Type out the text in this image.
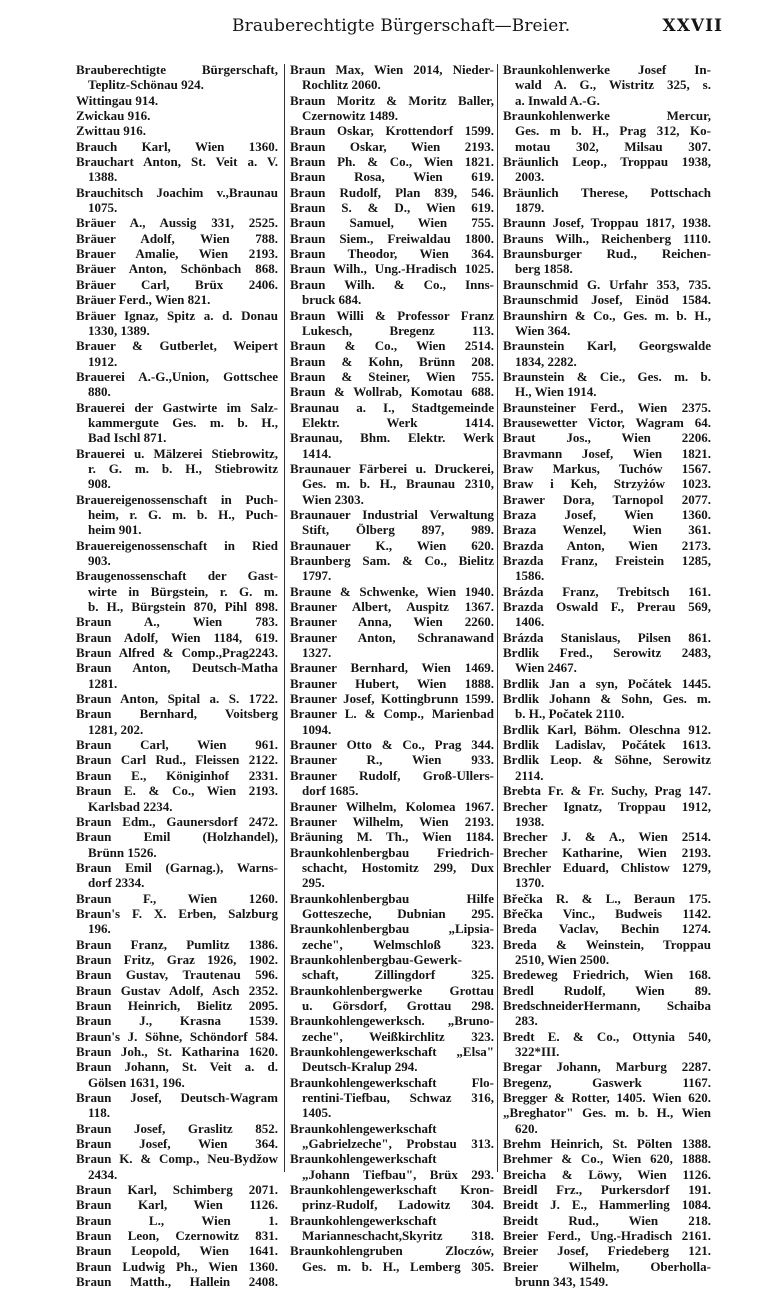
Brauberechtigte Bürgerschaft—Breier.	XXVII
Brauberechtigte Bürgerschaft,
Teplitz-Schönau 924.
Wittingau 914.
Zwickau 916.
Zwittau 916.
Brauch Karl, Wien 1360.
Brauchart Anton, St. Veit a. V.
1388.
Brauchitsch Joachim v.,Braunau
1075.
Bräuer A., Aussig 331, 2525.
Bräuer Adolf, Wien 788.
Brauer Amalie, Wien 2193.
Bräuer Anton, Schönbach 868.
Bräuer Carl, Brüx 2406.
Bräuer Ferd., Wien 821.
Bräuer Ignaz, Spitz a. d. Donau
1330, 1389.
Brauer & Gutberlet, Weipert
1912.
Brauerei A.-G.,Union, Gottschee
880.
Brauerei der Gastwirte im Salz-
kammergute Ges. m. b. H.,
Bad Ischl 871.
Brauerei u. Mälzerei Stiebrowitz,
r. G. m. b. H., Stiebrowitz
908.
Brauereigenossenschaft in Puch-
heim, r. G. m. b. H., Puch-
heim 901.
Brauereigenossenschaft in Ried
903.
Braugenossenschaft der Gast-
wirte in Bürgstein, r. G. m.
b. H., Bürgstein 870, Pihl 898.
Braun A., Wien 783.
Braun Adolf, Wien 1184, 619.
Braun Alfred & Comp.,Prag2243.
Braun Anton, Deutsch-Matha
1281.
Braun Anton, Spital a. S. 1722.
Braun Bernhard, Voitsberg
1281, 202.
Braun Carl, Wien 961.
Braun Carl Rud., Fleissen 2122.
Braun E., Königinhof 2331.
Braun E. & Co., Wien 2193.
Karlsbad 2234.
Braun Edm., Gaunersdorf 2472.
Braun Emil (Holzhandel),
Brünn 1526.
Braun Emil (Garnag.), Warns-
dorf 2334.
Braun F., Wien 1260.
Braun's F. X. Erben, Salzburg
196.
Braun Franz, Pumlitz 1386.
Braun Fritz, Graz 1926, 1902.
Braun Gustav, Trautenau 596.
Braun Gustav Adolf, Asch 2352.
Braun Heinrich, Bielitz 2095.
Braun J., Krasna 1539.
Braun's J. Söhne, Schöndorf 584.
Braun Joh., St. Katharina 1620.
Braun Johann, St. Veit a. d.
Gölsen 1631, 196.
Braun Josef, Deutsch-Wagram
118.
Braun Josef, Graslitz 852.
Braun Josef, Wien 364.
Braun K. & Comp., Neu-Bydžow
2434.
Braun Karl, Schimberg 2071.
Braun Karl, Wien 1126.
Braun L., Wien 1.
Braun Leon, Czernowitz 831.
Braun Leopold, Wien 1641.
Braun Ludwig Ph., Wien 1360.
Braun Matth., Hallein 2408.
Braun Max, Wien 2014, Nieder-
Rochlitz 2060.
Braun Moritz & Moritz Baller,
Czernowitz 1489.
Braun Oskar, Krottendorf 1599.
Braun Oskar, Wien 2193.
Braun Ph. & Co., Wien 1821.
Braun Rosa, Wien 619.
Braun Rudolf, Plan 839, 546.
Braun S. & D., Wien 619.
Braun Samuel, Wien 755.
Braun Siem., Freiwaldau 1800.
Braun Theodor, Wien 364.
Braun Wilh., Ung.-Hradisch 1025.
Braun Wilh. & Co., Inns-
bruck 684.
Braun Willi & Professor Franz
Lukesch, Bregenz 113.
Braun & Co., Wien 2514.
Braun & Kohn, Brünn 208.
Braun & Steiner, Wien 755.
Braun & Wollrab, Komotau 688.
Braunau a. I., Stadtgemeinde
Elektr. Werk 1414.
Braunau, Bhm. Elektr. Werk
1414.
Braunauer Färberei u. Druckerei,
Ges. m. b. H., Braunau 2310,
Wien 2303.
Braunauer Industrial Verwaltung
Stift, Ölberg 897, 989.
Braunauer K., Wien 620.
Braunberg Sam. & Co., Bielitz
1797.
Braune & Schwenke, Wien 1940.
Brauner Albert, Auspitz 1367.
Brauner Anna, Wien 2260.
Brauner Anton, Schranawand
1327.
Brauner Bernhard, Wien 1469.
Brauner Hubert, Wien 1888.
Brauner Josef, Kottingbrunn 1599.
Brauner L. & Comp., Marienbad
1094.
Brauner Otto & Co., Prag 344.
Brauner R., Wien 933.
Brauner Rudolf, Groß-Ullers-
dorf 1685.
Brauner Wilhelm, Kolomea 1967.
Brauner Wilhelm, Wien 2193.
Bräuning M. Th., Wien 1184.
Braunkohlenbergbau Friedrich-
schacht, Hostomitz 299, Dux
295.
Braunkohlenbergbau Hilfe
Gotteszeche, Dubnian 295.
Braunkohlenbergbau „Lipsia-
zeche", Welmschloß 323.
Braunkohlenbergbau-Gewerk-
schaft, Zillingdorf 325.
Braunkohlenbergwerke Grottau
u. Görsdorf, Grottau 298.
Braunkohlengewerksch. „Bruno-
zeche", Weißkirchlitz 323.
Braunkohlengewerkschaft „Elsa"
Deutsch-Kralup 294.
Braunkohlengewerkschaft Flo-
rentini-Tiefbau, Schwaz 316,
1405.
Braunkohlengewerkschaft
„Gabrielzeche", Probstau 313.
Braunkohlengewerkschaft
„Johann Tiefbau", Brüx 293.
Braunkohlengewerkschaft Kron-
prinz-Rudolf, Ladowitz 304.
Braunkohlengewerkschaft
Marianneschacht,Skyritz 318.
Braunkohlengruben Zloczów,
Ges. m. b. H., Lemberg 305.
Braunkohlenwerke Josef In-
wald A. G., Wistritz 325, s.
a. Inwald A.-G.
Braunkohlenwerke Mercur,
Ges. m b. H., Prag 312, Ko-
motau 302, Milsau 307.
Bräunlich Leop., Troppau 1938,
2003.
Bräunlich Therese, Pottschach
1879.
Braunn Josef, Troppau 1817, 1938.
Brauns Wilh., Reichenberg 1110.
Braunsburger Rud., Reichen-
berg 1858.
Braunschmid G. Urfahr 353, 735.
Braunschmid Josef, Einöd 1584.
Braunshirn & Co., Ges. m. b. H.,
Wien 364.
Braunstein Karl, Georgswalde
1834, 2282.
Braunstein & Cie., Ges. m. b.
H., Wien 1914.
Braunsteiner Ferd., Wien 2375.
Brausewetter Victor, Wagram 64.
Braut Jos., Wien 2206.
Bravmann Josef, Wien 1821.
Braw Markus, Tuchów 1567.
Braw i Keh, Strzyżów 1023.
Brawer Dora, Tarnopol 2077.
Braza Josef, Wien 1360.
Braza Wenzel, Wien 361.
Brazda Anton, Wien 2173.
Brazda Franz, Freistein 1285,
1586.
Brázda Franz, Trebitsch 161.
Brazda Oswald F., Prerau 569,
1406.
Brázda Stanislaus, Pilsen 861.
Brdlik Fred., Serowitz 2483,
Wien 2467.
Brdlik Jan a syn, Počátek 1445.
Brdlik Johann & Sohn, Ges. m.
b. H., Počatek 2110.
Brdlik Karl, Böhm. Oleschna 912.
Brdlik Ladislav, Počátek 1613.
Brdlik Leop. & Söhne, Serowitz
2114.
Brebta Fr. & Fr. Suchy, Prag 147.
Brecher Ignatz, Troppau 1912,
1938.
Brecher J. & A., Wien 2514.
Brecher Katharine, Wien 2193.
Brechler Eduard, Chlistow 1279,
1370.
Břečka R. & L., Beraun 175.
Břečka Vinc., Budweis 1142.
Breda Vaclav, Bechin 1274.
Breda & Weinstein, Troppau
2510, Wien 2500.
Bredeweg Friedrich, Wien 168.
Bredl Rudolf, Wien 89.
BredschneiderHermann, Schaiba
283.
Bredt E. & Co., Ottynia 540,
322*III.
Bregar Johann, Marburg 2287.
Bregenz, Gaswerk 1167.
Bregger & Rotter, 1405. Wien 620.
„Breghator" Ges. m. b. H., Wien
620.
Brehm Heinrich, St. Pölten 1388.
Brehmer & Co., Wien 620, 1888.
Breicha & Löwy, Wien 1126.
Breidl Frz., Purkersdorf 191.
Breidt J. E., Hammerling 1084.
Breidt Rud., Wien 218.
Breier Ferd., Ung.-Hradisch 2161.
Breier Josef, Friedeberg 121.
Breier Wilhelm, Oberhollа-
brunn 343, 1549.
